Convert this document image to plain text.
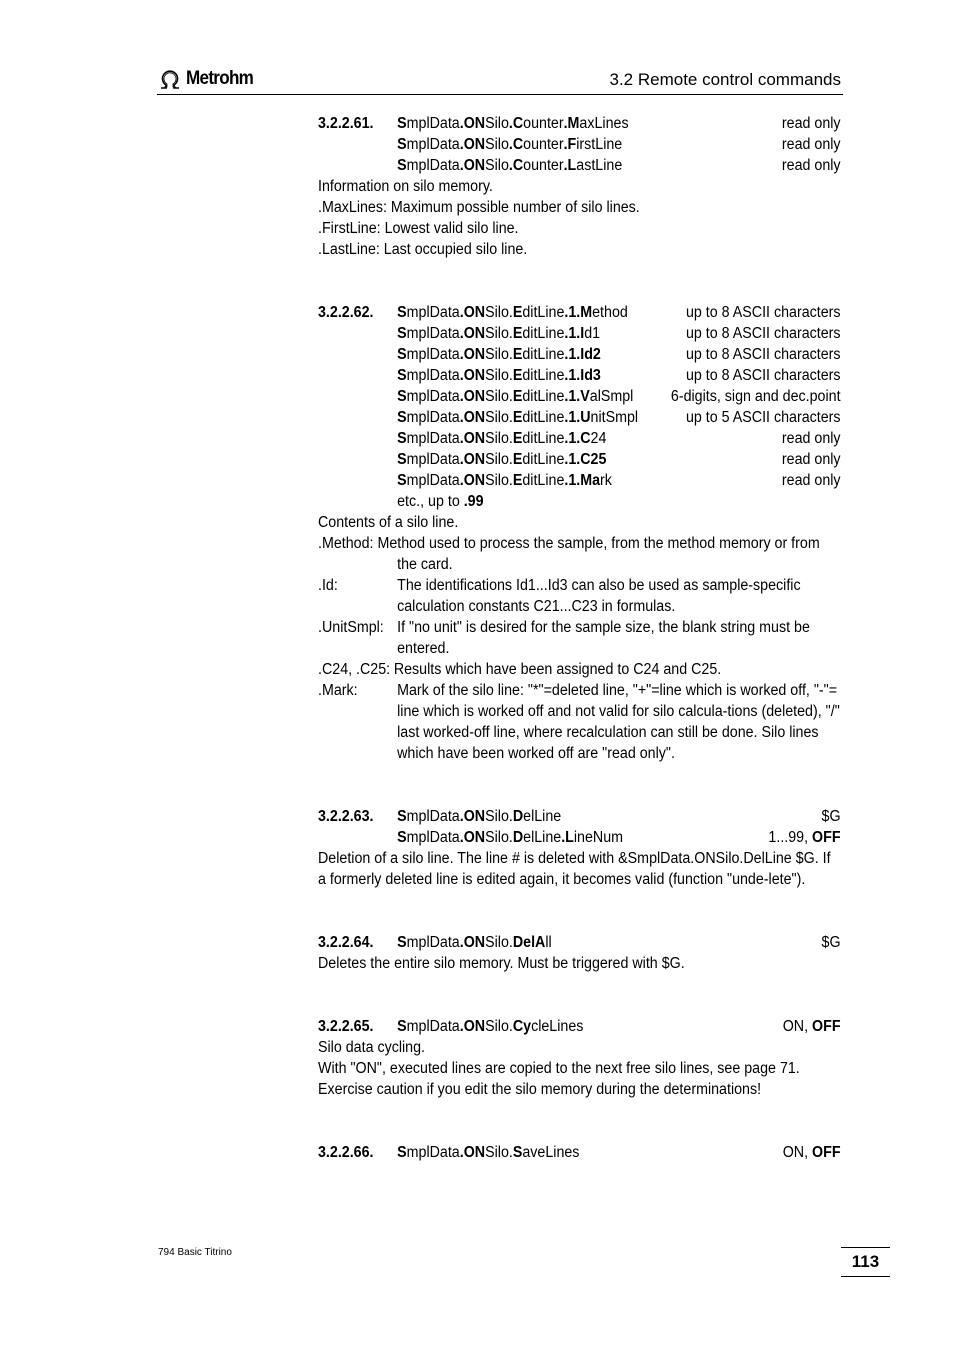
Metrohm	3.2 Remote control commands
3.2.2.61.	SmplData.ONSilo.Counter.MaxLines	read only
SmplData.ONSilo.Counter.FirstLine	read only
SmplData.ONSilo.Counter.LastLine	read only
Information on silo memory.
.MaxLines: Maximum possible number of silo lines.
.FirstLine: Lowest valid silo line.
.LastLine: Last occupied silo line.
3.2.2.62.	SmplData.ONSilo.EditLine.1.Method	up to 8 ASCII characters
SmplData.ONSilo.EditLine.1.Id1	up to 8 ASCII characters
SmplData.ONSilo.EditLine.1.Id2	up to 8 ASCII characters
SmplData.ONSilo.EditLine.1.Id3	up to 8 ASCII characters
SmplData.ONSilo.EditLine.1.ValSmpl	6-digits, sign and dec.point
SmplData.ONSilo.EditLine.1.UnitSmpl	up to 5 ASCII characters
SmplData.ONSilo.EditLine.1.C24	read only
SmplData.ONSilo.EditLine.1.C25	read only
SmplData.ONSilo.EditLine.1.Mark	read only
etc., up to .99
Contents of a silo line.
.Method: Method used to process the sample, from the method memory or from the card.
.Id:	The identifications Id1...Id3 can also be used as sample-specific calculation constants C21...C23 in formulas.
.UnitSmpl: If "no unit" is desired for the sample size, the blank string must be entered.
.C24, .C25: Results which have been assigned to C24 and C25.
.Mark:	Mark of the silo line: "*"=deleted line, "+"=line which is worked off, "-"= line which is worked off and not valid for silo calcula-tions (deleted), "/" last worked-off line, where recalculation can still be done. Silo lines which have been worked off are "read only".
3.2.2.63.	SmplData.ONSilo.DelLine	$G
SmplData.ONSilo.DelLine.LineNum	1...99, OFF
Deletion of a silo line. The line # is deleted with &SmplData.ONSilo.DelLine $G. If a formerly deleted line is edited again, it becomes valid (function "unde-lete").
3.2.2.64.	SmplData.ONSilo.DelAll	$G
Deletes the entire silo memory. Must be triggered with $G.
3.2.2.65.	SmplData.ONSilo.CycleLines	ON, OFF
Silo data cycling.
With "ON", executed lines are copied to the next free silo lines, see page 71.
Exercise caution if you edit the silo memory during the determinations!
3.2.2.66.	SmplData.ONSilo.SaveLines	ON, OFF
794 Basic Titrino	113
